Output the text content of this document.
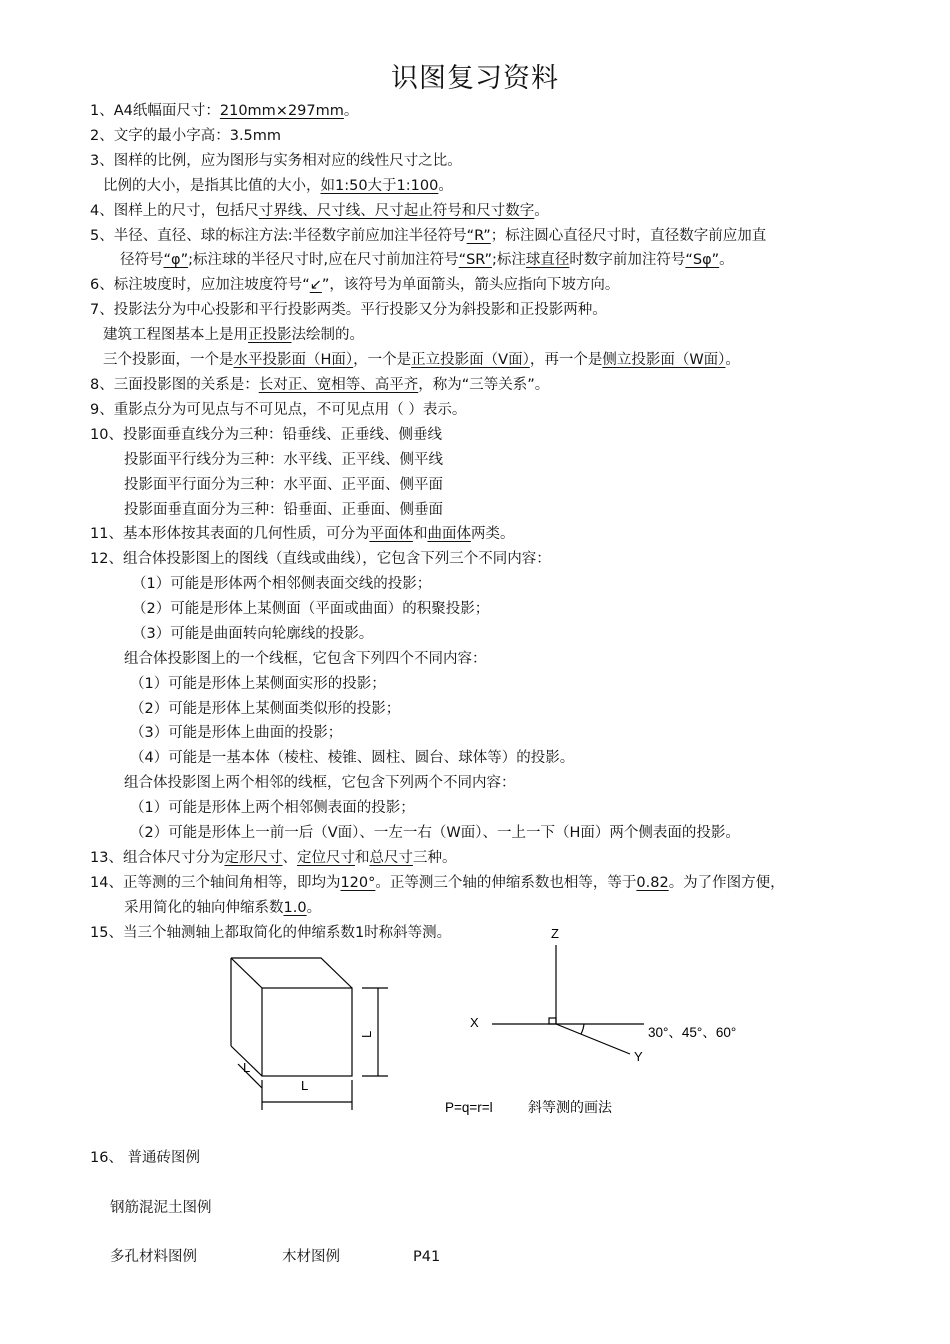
识图复习资料
1、A4纸幅面尺寸：210mm×297mm。
2、文字的最小字高：3.5mm
3、图样的比例，应为图形与实务相对应的线性尺寸之比。
比例的大小，是指其比值的大小，如1:50大于1:100。
4、图样上的尺寸，包括尺寸界线、尺寸线、尺寸起止符号和尺寸数字。
5、半径、直径、球的标注方法:半径数字前应加注半径符号“R”；标注圆心直径尺寸时，直径数字前应加直
径符号“φ”;标注球的半径尺寸时,应在尺寸前加注符号“SR”;标注球直径时数字前加注符号“Sφ”。
6、标注坡度时，应加注坡度符号“↙”，该符号为单面箭头，箭头应指向下坡方向。
7、投影法分为中心投影和平行投影两类。平行投影又分为斜投影和正投影两种。
建筑工程图基本上是用正投影法绘制的。
三个投影面，一个是水平投影面（H面），一个是正立投影面（V面），再一个是侧立投影面（W面）。
8、三面投影图的关系是：长对正、宽相等、高平齐，称为“三等关系”。
9、重影点分为可见点与不可见点，不可见点用（ ）表示。
10、投影面垂直线分为三种：铅垂线、正垂线、侧垂线
投影面平行线分为三种：水平线、正平线、侧平线
投影面平行面分为三种：水平面、正平面、侧平面
投影面垂直面分为三种：铅垂面、正垂面、侧垂面
11、基本形体按其表面的几何性质，可分为平面体和曲面体两类。
12、组合体投影图上的图线（直线或曲线），它包含下列三个不同内容：
（1）可能是形体两个相邻侧表面交线的投影；
（2）可能是形体上某侧面（平面或曲面）的积聚投影；
（3）可能是曲面转向轮廓线的投影。
组合体投影图上的一个线框，它包含下列四个不同内容：
（1）可能是形体上某侧面实形的投影；
（2）可能是形体上某侧面类似形的投影；
（3）可能是形体上曲面的投影；
（4）可能是一基本体（棱柱、棱锥、圆柱、圆台、球体等）的投影。
组合体投影图上两个相邻的线框，它包含下列两个不同内容：
（1）可能是形体上两个相邻侧表面的投影；
（2）可能是形体上一前一后（V面）、一左一右（W面）、一上一下（H面）两个侧表面的投影。
13、组合体尺寸分为定形尺寸、定位尺寸和总尺寸三种。
14、正等测的三个轴间角相等，即均为120°。正等测三个轴的伸缩系数也相等，等于0.82。为了作图方便，
采用简化的轴向伸缩系数1.0。
15、当三个轴测轴上都取简化的伸缩系数1时称斜等测。
L
L
L
Z
X
Y
30°、45°、60°
P=q=r=l	斜等测的画法
16、 普通砖图例
钢筋混泥土图例
多孔材料图例	木材图例	P41
